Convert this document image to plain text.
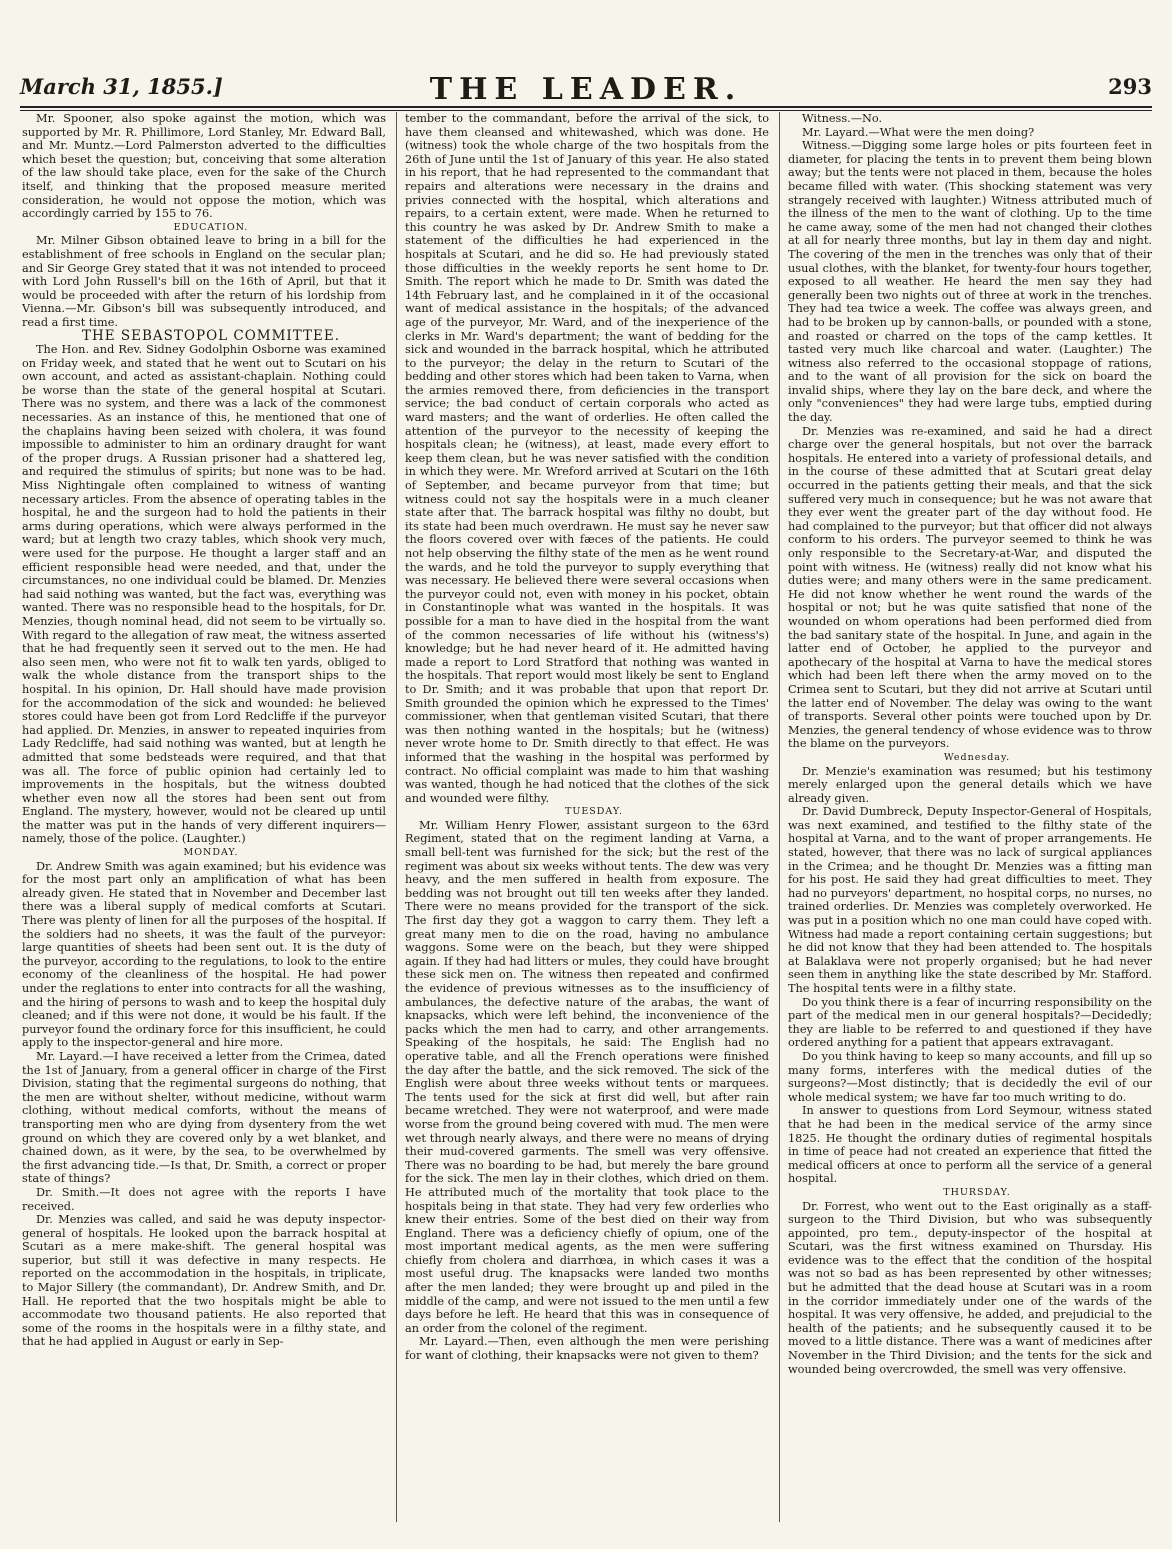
March 31, 1855.]	THE LEADER.	293

Mr. Spooner, also spoke against the motion, which was supported by Mr. R. Phillimore, Lord Stanley, Mr. Edward Ball, and Mr. Muntz.—Lord Palmerston adverted to the difficulties which beset the question; but, conceiving that some alteration of the law should take place, even for the sake of the Church itself, and thinking that the proposed measure merited consideration, he would not oppose the motion, which was accordingly carried by 155 to 76.

EDUCATION.

Mr. Milner Gibson obtained leave to bring in a bill for the establishment of free schools in England on the secular plan; and Sir George Grey stated that it was not intended to proceed with Lord John Russell's bill on the 16th of April, but that it would be proceeded with after the return of his lordship from Vienna.—Mr. Gibson's bill was subsequently introduced, and read a first time.

THE SEBASTOPOL COMMITTEE.

The Hon. and Rev. Sidney Godolphin Osborne was examined on Friday week, and stated that he went out to Scutari on his own account, and acted as assistant-chaplain. Nothing could be worse than the state of the general hospital at Scutari. There was no system, and there was a lack of the commonest necessaries. As an instance of this, he mentioned that one of the chaplains having been seized with cholera, it was found impossible to administer to him an ordinary draught for want of the proper drugs. A Russian prisoner had a shattered leg, and required the stimulus of spirits; but none was to be had. Miss Nightingale often complained to witness of wanting necessary articles. From the absence of operating tables in the hospital, he and the surgeon had to hold the patients in their arms during operations, which were always performed in the ward; but at length two crazy tables, which shook very much, were used for the purpose. He thought a larger staff and an efficient responsible head were needed, and that, under the circumstances, no one individual could be blamed. Dr. Menzies had said nothing was wanted, but the fact was, everything was wanted. There was no responsible head to the hospitals, for Dr. Menzies, though nominal head, did not seem to be virtually so. With regard to the allegation of raw meat, the witness asserted that he had frequently seen it served out to the men. He had also seen men, who were not fit to walk ten yards, obliged to walk the whole distance from the transport ships to the hospital. In his opinion, Dr. Hall should have made provision for the accommodation of the sick and wounded: he believed stores could have been got from Lord Redcliffe if the purveyor had applied. Dr. Menzies, in answer to repeated inquiries from Lady Redcliffe, had said nothing was wanted, but at length he admitted that some bedsteads were required, and that that was all. The force of public opinion had certainly led to improvements in the hospitals, but the witness doubted whether even now all the stores had been sent out from England. The mystery, however, would not be cleared up until the matter was put in the hands of very different inquirers—namely, those of the police. (Laughter.)

MONDAY.

Dr. Andrew Smith was again examined; but his evidence was for the most part only an amplification of what has been already given. He stated that in November and December last there was a liberal supply of medical comforts at Scutari. There was plenty of linen for all the purposes of the hospital. If the soldiers had no sheets, it was the fault of the purveyor: large quantities of sheets had been sent out. It is the duty of the purveyor, according to the regulations, to look to the entire economy of the cleanliness of the hospital. He had power under the reglations to enter into contracts for all the washing, and the hiring of persons to wash and to keep the hospital duly cleaned; and if this were not done, it would be his fault. If the purveyor found the ordinary force for this insufficient, he could apply to the inspector-general and hire more.

Mr. Layard.—I have received a letter from the Crimea, dated the 1st of January, from a general officer in charge of the First Division, stating that the regimental surgeons do nothing, that the men are without shelter, without medicine, without warm clothing, without medical comforts, without the means of transporting men who are dying from dysentery from the wet ground on which they are covered only by a wet blanket, and chained down, as it were, by the sea, to be overwhelmed by the first advancing tide.—Is that, Dr. Smith, a correct or proper state of things?

Dr. Smith.—It does not agree with the reports I have received.

Dr. Menzies was called, and said he was deputy inspector-general of hospitals. He looked upon the barrack hospital at Scutari as a mere make-shift. The general hospital was superior, but still it was defective in many respects. He reported on the accommodation in the hospitals, in triplicate, to Major Sillery (the commandant), Dr. Andrew Smith, and Dr. Hall. He reported that the two hospitals might be able to accommodate two thousand patients. He also reported that some of the rooms in the hospitals were in a filthy state, and that he had applied in August or early in Sep-

tember to the commandant, before the arrival of the sick, to have them cleansed and whitewashed, which was done. He (witness) took the whole charge of the two hospitals from the 26th of June until the 1st of January of this year. He also stated in his report, that he had represented to the commandant that repairs and alterations were necessary in the drains and privies connected with the hospital, which alterations and repairs, to a certain extent, were made. When he returned to this country he was asked by Dr. Andrew Smith to make a statement of the difficulties he had experienced in the hospitals at Scutari, and he did so. He had previously stated those difficulties in the weekly reports he sent home to Dr. Smith. The report which he made to Dr. Smith was dated the 14th February last, and he complained in it of the occasional want of medical assistance in the hospitals; of the advanced age of the purveyor, Mr. Ward, and of the inexperience of the clerks in Mr. Ward's department; the want of bedding for the sick and wounded in the barrack hospital, which he attributed to the purveyor; the delay in the return to Scutari of the bedding and other stores which had been taken to Varna, when the armies removed there, from deficiencies in the transport service; the bad conduct of certain corporals who acted as ward masters; and the want of orderlies. He often called the attention of the purveyor to the necessity of keeping the hospitals clean; he (witness), at least, made every effort to keep them clean, but he was never satisfied with the condition in which they were. Mr. Wreford arrived at Scutari on the 16th of September, and became purveyor from that time; but witness could not say the hospitals were in a much cleaner state after that. The barrack hospital was filthy no doubt, but its state had been much overdrawn. He must say he never saw the floors covered over with fæces of the patients. He could not help observing the filthy state of the men as he went round the wards, and he told the purveyor to supply everything that was necessary. He believed there were several occasions when the purveyor could not, even with money in his pocket, obtain in Constantinople what was wanted in the hospitals. It was possible for a man to have died in the hospital from the want of the common necessaries of life without his (witness's) knowledge; but he had never heard of it. He admitted having made a report to Lord Stratford that nothing was wanted in the hospitals. That report would most likely be sent to England to Dr. Smith; and it was probable that upon that report Dr. Smith grounded the opinion which he expressed to the Times' commissioner, when that gentleman visited Scutari, that there was then nothing wanted in the hospitals; but he (witness) never wrote home to Dr. Smith directly to that effect. He was informed that the washing in the hospital was performed by contract. No official complaint was made to him that washing was wanted, though he had noticed that the clothes of the sick and wounded were filthy.

TUESDAY.

Mr. William Henry Flower, assistant surgeon to the 63rd Regiment, stated that on the regiment landing at Varna, a small bell-tent was furnished for the sick; but the rest of the regiment was about six weeks without tents. The dew was very heavy, and the men suffered in health from exposure. The bedding was not brought out till ten weeks after they landed. There were no means provided for the transport of the sick. The first day they got a waggon to carry them. They left a great many men to die on the road, having no ambulance waggons. Some were on the beach, but they were shipped again. If they had had litters or mules, they could have brought these sick men on. The witness then repeated and confirmed the evidence of previous witnesses as to the insufficiency of ambulances, the defective nature of the arabas, the want of knapsacks, which were left behind, the inconvenience of the packs which the men had to carry, and other arrangements. Speaking of the hospitals, he said: The English had no operative table, and all the French operations were finished the day after the battle, and the sick removed. The sick of the English were about three weeks without tents or marquees. The tents used for the sick at first did well, but after rain became wretched. They were not waterproof, and were made worse from the ground being covered with mud. The men were wet through nearly always, and there were no means of drying their mud-covered garments. The smell was very offensive. There was no boarding to be had, but merely the bare ground for the sick. The men lay in their clothes, which dried on them. He attributed much of the mortality that took place to the hospitals being in that state. They had very few orderlies who knew their entries. Some of the best died on their way from England. There was a deficiency chiefly of opium, one of the most important medical agents, as the men were suffering chiefly from cholera and diarrhœa, in which cases it was a most useful drug. The knapsacks were landed two months after the men landed; they were brought up and piled in the middle of the camp, and were not issued to the men until a few days before he left. He heard that this was in consequence of an order from the colonel of the regiment.

Mr. Layard.—Then, even although the men were perishing for want of clothing, their knapsacks were not given to them?

Witness.—No.

Mr. Layard.—What were the men doing?

Witness.—Digging some large holes or pits fourteen feet in diameter, for placing the tents in to prevent them being blown away; but the tents were not placed in them, because the holes became filled with water. (This shocking statement was very strangely received with laughter.) Witness attributed much of the illness of the men to the want of clothing. Up to the time he came away, some of the men had not changed their clothes at all for nearly three months, but lay in them day and night. The covering of the men in the trenches was only that of their usual clothes, with the blanket, for twenty-four hours together, exposed to all weather. He heard the men say they had generally been two nights out of three at work in the trenches. They had tea twice a week. The coffee was always green, and had to be broken up by cannon-balls, or pounded with a stone, and roasted or charred on the tops of the camp kettles. It tasted very much like charcoal and water. (Laughter.) The witness also referred to the occasional stoppage of rations, and to the want of all provision for the sick on board the invalid ships, where they lay on the bare deck, and where the only "conveniences" they had were large tubs, emptied during the day.

Dr. Menzies was re-examined, and said he had a direct charge over the general hospitals, but not over the barrack hospitals. He entered into a variety of professional details, and in the course of these admitted that at Scutari great delay occurred in the patients getting their meals, and that the sick suffered very much in consequence; but he was not aware that they ever went the greater part of the day without food. He had complained to the purveyor; but that officer did not always conform to his orders. The purveyor seemed to think he was only responsible to the Secretary-at-War, and disputed the point with witness. He (witness) really did not know what his duties were; and many others were in the same predicament. He did not know whether he went round the wards of the hospital or not; but he was quite satisfied that none of the wounded on whom operations had been performed died from the bad sanitary state of the hospital. In June, and again in the latter end of October, he applied to the purveyor and apothecary of the hospital at Varna to have the medical stores which had been left there when the army moved on to the Crimea sent to Scutari, but they did not arrive at Scutari until the latter end of November. The delay was owing to the want of transports. Several other points were touched upon by Dr. Menzies, the general tendency of whose evidence was to throw the blame on the purveyors.

Wednesday.

Dr. Menzie's examination was resumed; but his testimony merely enlarged upon the general details which we have already given.

Dr. David Dumbreck, Deputy Inspector-General of Hospitals, was next examined, and testified to the filthy state of the hospital at Varna, and to the want of proper arrangements. He stated, however, that there was no lack of surgical appliances in the Crimea; and he thought Dr. Menzies was a fitting man for his post. He said they had great difficulties to meet. They had no purveyors' department, no hospital corps, no nurses, no trained orderlies. Dr. Menzies was completely overworked. He was put in a position which no one man could have coped with. Witness had made a report containing certain suggestions; but he did not know that they had been attended to. The hospitals at Balaklava were not properly organised; but he had never seen them in anything like the state described by Mr. Stafford. The hospital tents were in a filthy state.

Do you think there is a fear of incurring responsibility on the part of the medical men in our general hospitals?—Decidedly; they are liable to be referred to and questioned if they have ordered anything for a patient that appears extravagant.

Do you think having to keep so many accounts, and fill up so many forms, interferes with the medical duties of the surgeons?—Most distinctly; that is decidedly the evil of our whole medical system; we have far too much writing to do.

In answer to questions from Lord Seymour, witness stated that he had been in the medical service of the army since 1825. He thought the ordinary duties of regimental hospitals in time of peace had not created an experience that fitted the medical officers at once to perform all the service of a general hospital.

THURSDAY.

Dr. Forrest, who went out to the East originally as a staff-surgeon to the Third Division, but who was subsequently appointed, pro tem., deputy-inspector of the hospital at Scutari, was the first witness examined on Thursday. His evidence was to the effect that the condition of the hospital was not so bad as has been represented by other witnesses; but he admitted that the dead house at Scutari was in a room in the corridor immediately under one of the wards of the hospital. It was very offensive, he added, and prejudicial to the health of the patients; and he subsequently caused it to be moved to a little distance. There was a want of medicines after November in the Third Division; and the tents for the sick and wounded being overcrowded, the smell was very offensive.
